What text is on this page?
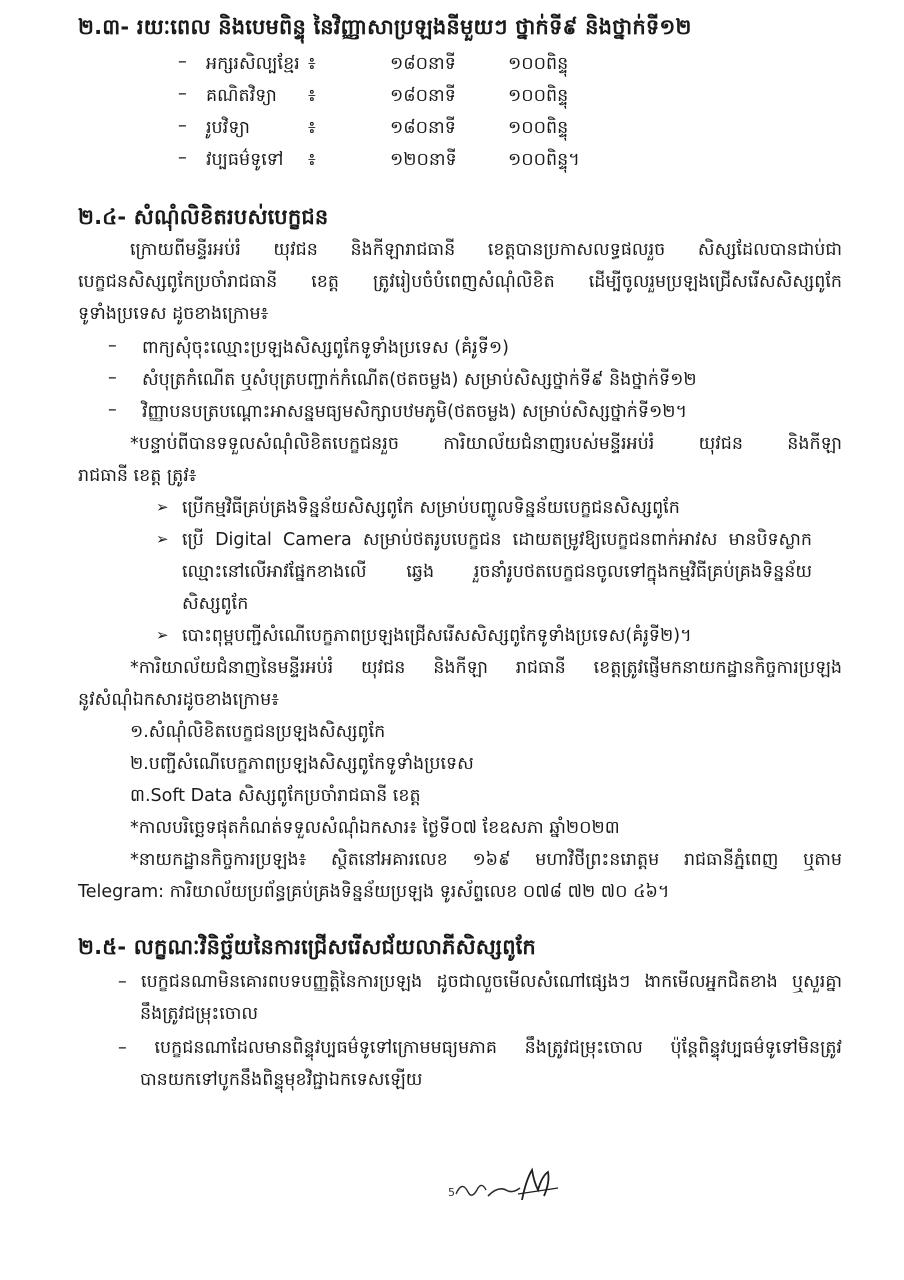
២.៣- រយៈពេល និងបេមពិន្ទុ នៃវិញ្ញាសាប្រឡងនីមួយៗ ថ្នាក់ទី៩ និងថ្នាក់ទី១២
– អក្សរសិល្បខ្មែរ ៖	១៨០នាទី	១០០ពិន្ទុ
– គណិតវិទ្យា ៖	១៨០នាទី	១០០ពិន្ទុ
– រូបវិទ្យា	៖	១៨០នាទី	១០០ពិន្ទុ
– វប្បធម៌ទូទៅ ៖	១២០នាទី	១០០ពិន្ទុ។
២.៤- សំណុំលិខិតរបស់បេក្ខជន
ក្រោយពីមន្ទីរអប់រំ យុវជន និងកីឡារាជធានី ខេត្តបានប្រកាសលទ្ធផលរួច សិស្សដែលបានជាប់ជា
បេក្ខជនសិស្សពូកែប្រចាំរាជធានី ខេត្ត ត្រូវរៀបចំបំពេញសំណុំលិខិត ដើម្បីចូលរួមប្រឡងជ្រើសរើសសិស្សពូកែ
ទូទាំងប្រទេស ដូចខាងក្រោម៖
– ពាក្យសុំចុះឈ្មោះប្រឡងសិស្សពូកែទូទាំងប្រទេស (គំរូទី១)
– សំបុត្រកំណើត ឬសំបុត្របញ្ជាក់កំណើត(ថតចម្លង) សម្រាប់សិស្សថ្នាក់ទី៩ និងថ្នាក់ទី១២
– វិញ្ញាបនបត្របណ្ដោះអាសន្នមធ្យមសិក្សាបឋមភូមិ(ថតចម្លង) សម្រាប់សិស្សថ្នាក់ទី១២។
*បន្ទាប់ពីបានទទួលសំណុំលិខិតបេក្ខជនរួច ការិយាល័យជំនាញរបស់មន្ទីរអប់រំ យុវជន និងកីឡា
រាជធានី ខេត្ត ត្រូវ៖
➢ ប្រើកម្មវិធីគ្រប់គ្រងទិន្នន័យសិស្សពូកែ សម្រាប់បញ្ចូលទិន្នន័យបេក្ខជនសិស្សពូកែ
➢ ប្រើ Digital Camera សម្រាប់ថតរូបបេក្ខជន ដោយតម្រូវឱ្យបេក្ខជនពាក់អាវស មានបិទស្លាក
ឈ្មោះនៅលើអាវផ្នែកខាងលើ ឆ្វេង រួចនាំរូបថតបេក្ខជនចូលទៅក្នុងកម្មវិធីគ្រប់គ្រងទិន្នន័យ
សិស្សពូកែ
➢ បោះពុម្ពបញ្ជីសំណើបេក្ខភាពប្រឡងជ្រើសរើសសិស្សពូកែទូទាំងប្រទេស(គំរូទី២)។
*ការិយាល័យជំនាញនៃមន្ទីរអប់រំ យុវជន និងកីឡា រាជធានី ខេត្តត្រូវផ្ញើមកនាយកដ្ឋានកិច្ចការប្រឡង
នូវសំណុំឯកសារដូចខាងក្រោម៖
១.សំណុំលិខិតបេក្ខជនប្រឡងសិស្សពូកែ
២.បញ្ជីសំណើបេក្ខភាពប្រឡងសិស្សពូកែទូទាំងប្រទេស
៣.Soft Data សិស្សពូកែប្រចាំរាជធានី ខេត្ត
*កាលបរិច្ឆេទផុតកំណត់ទទួលសំណុំឯកសារ៖ ថ្ងៃទី០៧ ខែឧសភា ឆ្នាំ២០២៣
*នាយកដ្ឋានកិច្ចការប្រឡង៖ ស្ថិតនៅអគារលេខ ១៦៩ មហាវិថីព្រះនរោត្តម រាជធានីភ្នំពេញ ឬតាម
Telegram: ការិយាល័យប្រព័ន្ធគ្រប់គ្រងទិន្នន័យប្រឡង ទូរស័ព្ទលេខ ០៧៨ ៧២ ៧០ ៤៦។
២.៥- លក្ខណៈវិនិច្ឆ័យនៃការជ្រើសរើសជ័យលាភីសិស្សពូកែ
– បេក្ខជនណាមិនគោរពបទបញ្ញត្តិនៃការប្រឡង ដូចជាលួចមើលសំណៅផ្សេងៗ ងាកមើលអ្នកជិតខាង ឬសួរគ្នា
នឹងត្រូវជម្រុះចោល
– បេក្ខជនណាដែលមានពិន្ទុវប្បធម៌ទូទៅក្រោមមធ្យមភាគ នឹងត្រូវជម្រុះចោល ប៉ុន្តែពិន្ទុវប្បធម៌ទូទៅមិនត្រូវ
បានយកទៅបូកនឹងពិន្ទុមុខវិជ្ជាឯកទេសឡើយ
5
